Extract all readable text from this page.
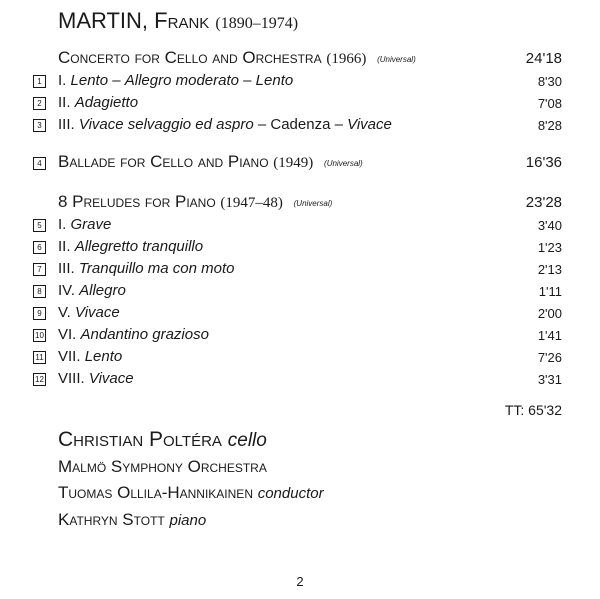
MARTIN, Frank (1890–1974)
Concerto for Cello and Orchestra (1966) (Universal)	24'18
1 I. Lento – Allegro moderato – Lento	8'30
2 II. Adagietto	7'08
3 III. Vivace selvaggio ed aspro – Cadenza – Vivace	8'28
4 Ballade for Cello and Piano (1949) (Universal)	16'36
8 Preludes for Piano (1947–48) (Universal)	23'28
5 I. Grave	3'40
6 II. Allegretto tranquillo	1'23
7 III. Tranquillo ma con moto	2'13
8 IV. Allegro	1'11
9 V. Vivace	2'00
10 VI. Andantino grazioso	1'41
11 VII. Lento	7'26
12 VIII. Vivace	3'31
TT: 65'32
Christian Poltéra cello
Malmö Symphony Orchestra
Tuomas Ollila-Hannikainen conductor
Kathryn Stott piano
2
